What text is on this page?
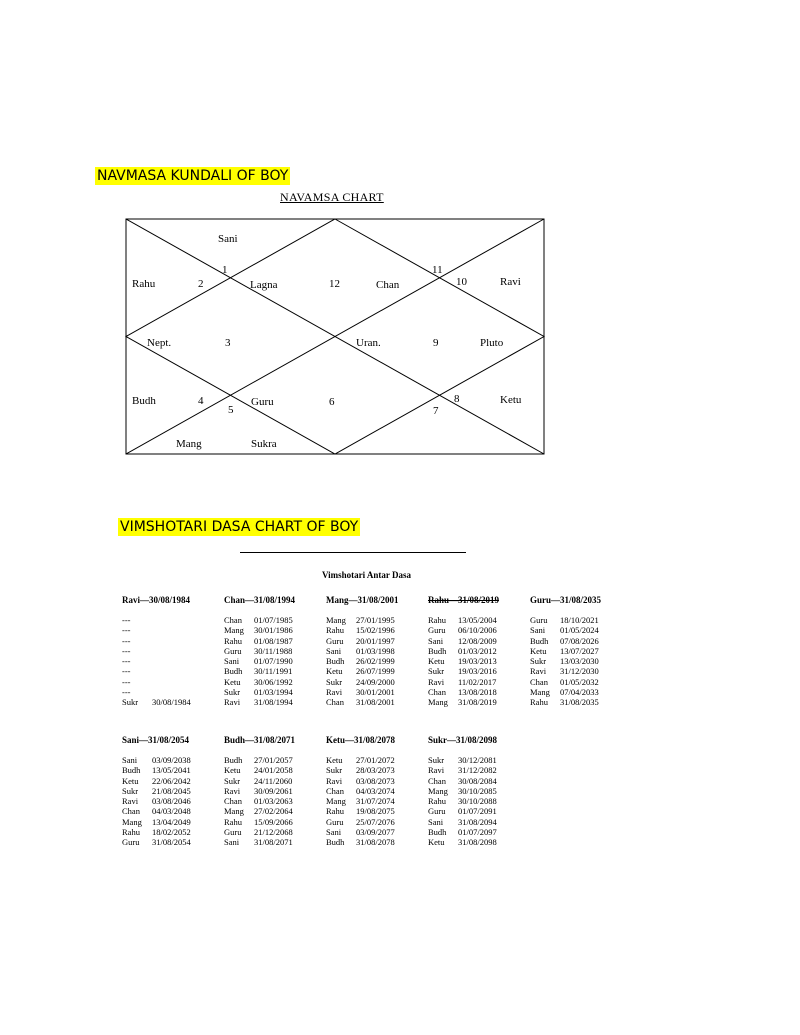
NAVMASA KUNDALI OF BOY
NAVAMSA CHART
1
2
3
4
5
6
7
8
9
10
11
12
Sani
Rahu	Lagna	Chan	Ravi
Nept.	Uran.	Pluto
Budh	Guru	Ketu
Mang	Sukra
VIMSHOTARI DASA CHART OF BOY
Vimshotari Antar Dasa
Ravi—30/08/1984
---
---
---
---
---
---
---
---
Sukr 30/08/1984
Chan—31/08/1994
Chan 01/07/1985
Mang 30/01/1986
Rahu 01/08/1987
Guru 30/11/1988
Sani 01/07/1990
Budh 30/11/1991
Ketu 30/06/1992
Sukr 01/03/1994
Ravi 31/08/1994
Mang—31/08/2001
Mang 27/01/1995
Rahu 15/02/1996
Guru 20/01/1997
Sani 01/03/1998
Budh 26/02/1999
Ketu 26/07/1999
Sukr 24/09/2000
Ravi 30/01/2001
Chan 31/08/2001
Rahu—31/08/2019
Rahu 13/05/2004
Guru 06/10/2006
Sani 12/08/2009
Budh 01/03/2012
Ketu 19/03/2013
Sukr 19/03/2016
Ravi 11/02/2017
Chan 13/08/2018
Mang 31/08/2019
Guru—31/08/2035
Guru 18/10/2021
Sani 01/05/2024
Budh 07/08/2026
Ketu 13/07/2027
Sukr 13/03/2030
Ravi 31/12/2030
Chan 01/05/2032
Mang 07/04/2033
Rahu 31/08/2035
Sani—31/08/2054
Sani 03/09/2038
Budh 13/05/2041
Ketu 22/06/2042
Sukr 21/08/2045
Ravi 03/08/2046
Chan 04/03/2048
Mang 13/04/2049
Rahu 18/02/2052
Guru 31/08/2054
Budh—31/08/2071
Budh 27/01/2057
Ketu 24/01/2058
Sukr 24/11/2060
Ravi 30/09/2061
Chan 01/03/2063
Mang 27/02/2064
Rahu 15/09/2066
Guru 21/12/2068
Sani 31/08/2071
Ketu—31/08/2078
Ketu 27/01/2072
Sukr 28/03/2073
Ravi 03/08/2073
Chan 04/03/2074
Mang 31/07/2074
Rahu 19/08/2075
Guru 25/07/2076
Sani 03/09/2077
Budh 31/08/2078
Sukr—31/08/2098
Sukr 30/12/2081
Ravi 31/12/2082
Chan 30/08/2084
Mang 30/10/2085
Rahu 30/10/2088
Guru 01/07/2091
Sani 31/08/2094
Budh 01/07/2097
Ketu 31/08/2098
